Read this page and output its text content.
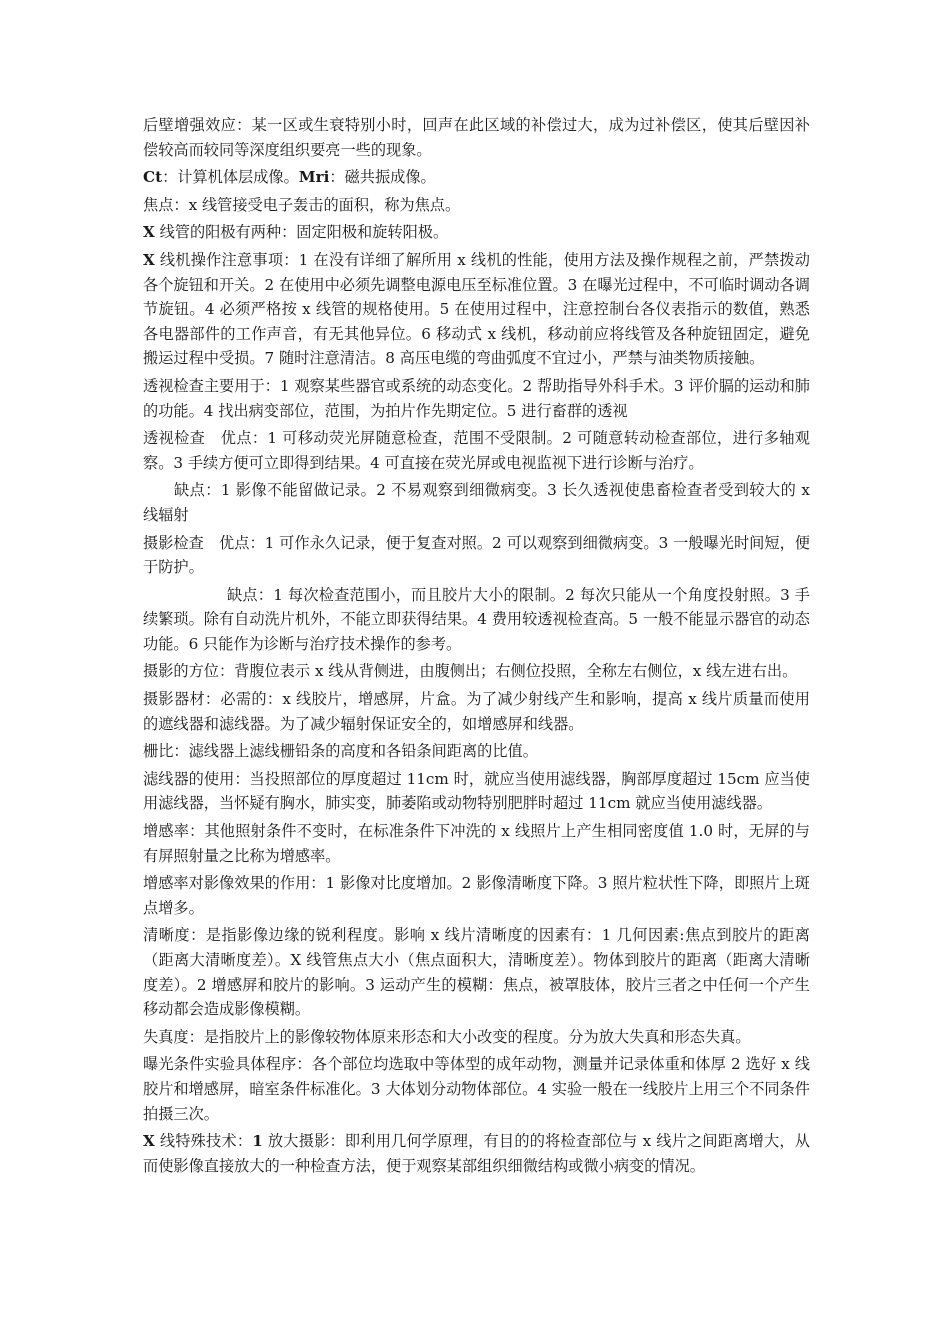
后壁增强效应：某一区或生衰特别小时，回声在此区域的补偿过大，成为过补偿区，使其后壁因补偿较高而较同等深度组织要亮一些的现象。

Ct：计算机体层成像。Mri：磁共振成像。

焦点：x 线管接受电子轰击的面积，称为焦点。

X 线管的阳极有两种：固定阳极和旋转阳极。

X 线机操作注意事项：1 在没有详细了解所用 x 线机的性能，使用方法及操作规程之前，严禁拨动各个旋钮和开关。2 在使用中必须先调整电源电压至标准位置。3 在曝光过程中，不可临时调动各调节旋钮。4 必须严格按 x 线管的规格使用。5 在使用过程中，注意控制台各仪表指示的数值，熟悉各电器部件的工作声音，有无其他异位。6 移动式 x 线机，移动前应将线管及各种旋钮固定，避免搬运过程中受损。7 随时注意清洁。8 高压电缆的弯曲弧度不宜过小，严禁与油类物质接触。

透视检查主要用于：1 观察某些器官或系统的动态变化。2 帮助指导外科手术。3 评价膈的运动和肺的功能。4 找出病变部位，范围，为拍片作先期定位。5 进行畜群的透视

透视检查　优点：1 可移动荧光屏随意检查，范围不受限制。2 可随意转动检查部位，进行多轴观察。3 手续方便可立即得到结果。4 可直接在荧光屏或电视监视下进行诊断与治疗。

缺点：1 影像不能留做记录。2 不易观察到细微病变。3 长久透视使患畜检查者受到较大的 x 线辐射

摄影检查　优点：1 可作永久记录，便于复查对照。2 可以观察到细微病变。3 一般曝光时间短，便于防护。

缺点：1 每次检查范围小，而且胶片大小的限制。2 每次只能从一个角度投射照。3 手续繁琐。除有自动洗片机外，不能立即获得结果。4 费用较透视检查高。5 一般不能显示器官的动态功能。6 只能作为诊断与治疗技术操作的参考。

摄影的方位：背腹位表示 x 线从背侧进，由腹侧出；右侧位投照，全称左右侧位，x 线左进右出。

摄影器材：必需的：x 线胶片，增感屏，片盒。为了减少射线产生和影响，提高 x 线片质量而使用的遮线器和滤线器。为了减少辐射保证安全的，如增感屏和线器。

栅比：滤线器上滤线栅铅条的高度和各铅条间距离的比值。

滤线器的使用：当投照部位的厚度超过 11cm 时，就应当使用滤线器，胸部厚度超过 15cm 应当使用滤线器，当怀疑有胸水，肺实变，肺萎陷或动物特别肥胖时超过 11cm 就应当使用滤线器。

增感率：其他照射条件不变时，在标准条件下冲洗的 x 线照片上产生相同密度值 1.0 时，无屏的与有屏照射量之比称为增感率。

增感率对影像效果的作用：1 影像对比度增加。2 影像清晰度下降。3 照片粒状性下降，即照片上斑点增多。

清晰度：是指影像边缘的锐利程度。影响 x 线片清晰度的因素有：1 几何因素:焦点到胶片的距离（距离大清晰度差）。X 线管焦点大小（焦点面积大，清晰度差）。物体到胶片的距离（距离大清晰度差）。2 增感屏和胶片的影响。3 运动产生的模糊：焦点，被罩肢体，胶片三者之中任何一个产生移动都会造成影像模糊。

失真度：是指胶片上的影像较物体原来形态和大小改变的程度。分为放大失真和形态失真。

曝光条件实验具体程序：各个部位均选取中等体型的成年动物，测量并记录体重和体厚 2 选好 x 线胶片和增感屏，暗室条件标准化。3 大体划分动物体部位。4 实验一般在一线胶片上用三个不同条件拍摄三次。

X 线特殊技术：1 放大摄影：即利用几何学原理，有目的的将检查部位与 x 线片之间距离增大，从而使影像直接放大的一种检查方法，便于观察某部组织细微结构或微小病变的情况。
